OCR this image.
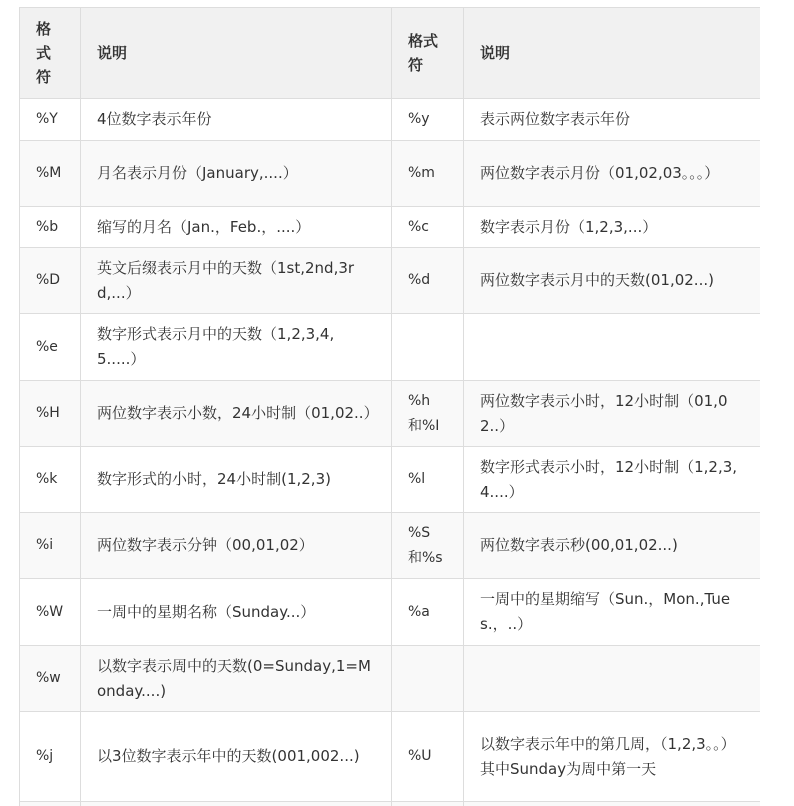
格式符	说明	格式符	说明
%Y	4位数字表示年份	%y	表示两位数字表示年份
%M	月名表示月份（January,....）	%m	两位数字表示月份（01,02,03。。。）
%b	缩写的月名（Jan.，Feb.，....）	%c	数字表示月份（1,2,3,...）
%D	英文后缀表示月中的天数（1st,2nd,3rd,...）	%d	两位数字表示月中的天数(01,02...)
%e	数字形式表示月中的天数（1,2,3,4,5.....）		
%H	两位数字表示小数，24小时制（01,02..）	%h和%I	两位数字表示小时，12小时制（01,02..）
%k	数字形式的小时，24小时制(1,2,3)	%l	数字形式表示小时，12小时制（1,2,3,4....）
%i	两位数字表示分钟（00,01,02）	%S和%s	两位数字表示秒(00,01,02...)
%W	一周中的星期名称（Sunday...）	%a	一周中的星期缩写（Sun.，Mon.,Tues.，..）
%w	以数字表示周中的天数(0=Sunday,1=Monday....)		
%j	以3位数字表示年中的天数(001,002...)	%U	以数字表示年中的第几周，（1,2,3。。）其中Sunday为周中第一天
